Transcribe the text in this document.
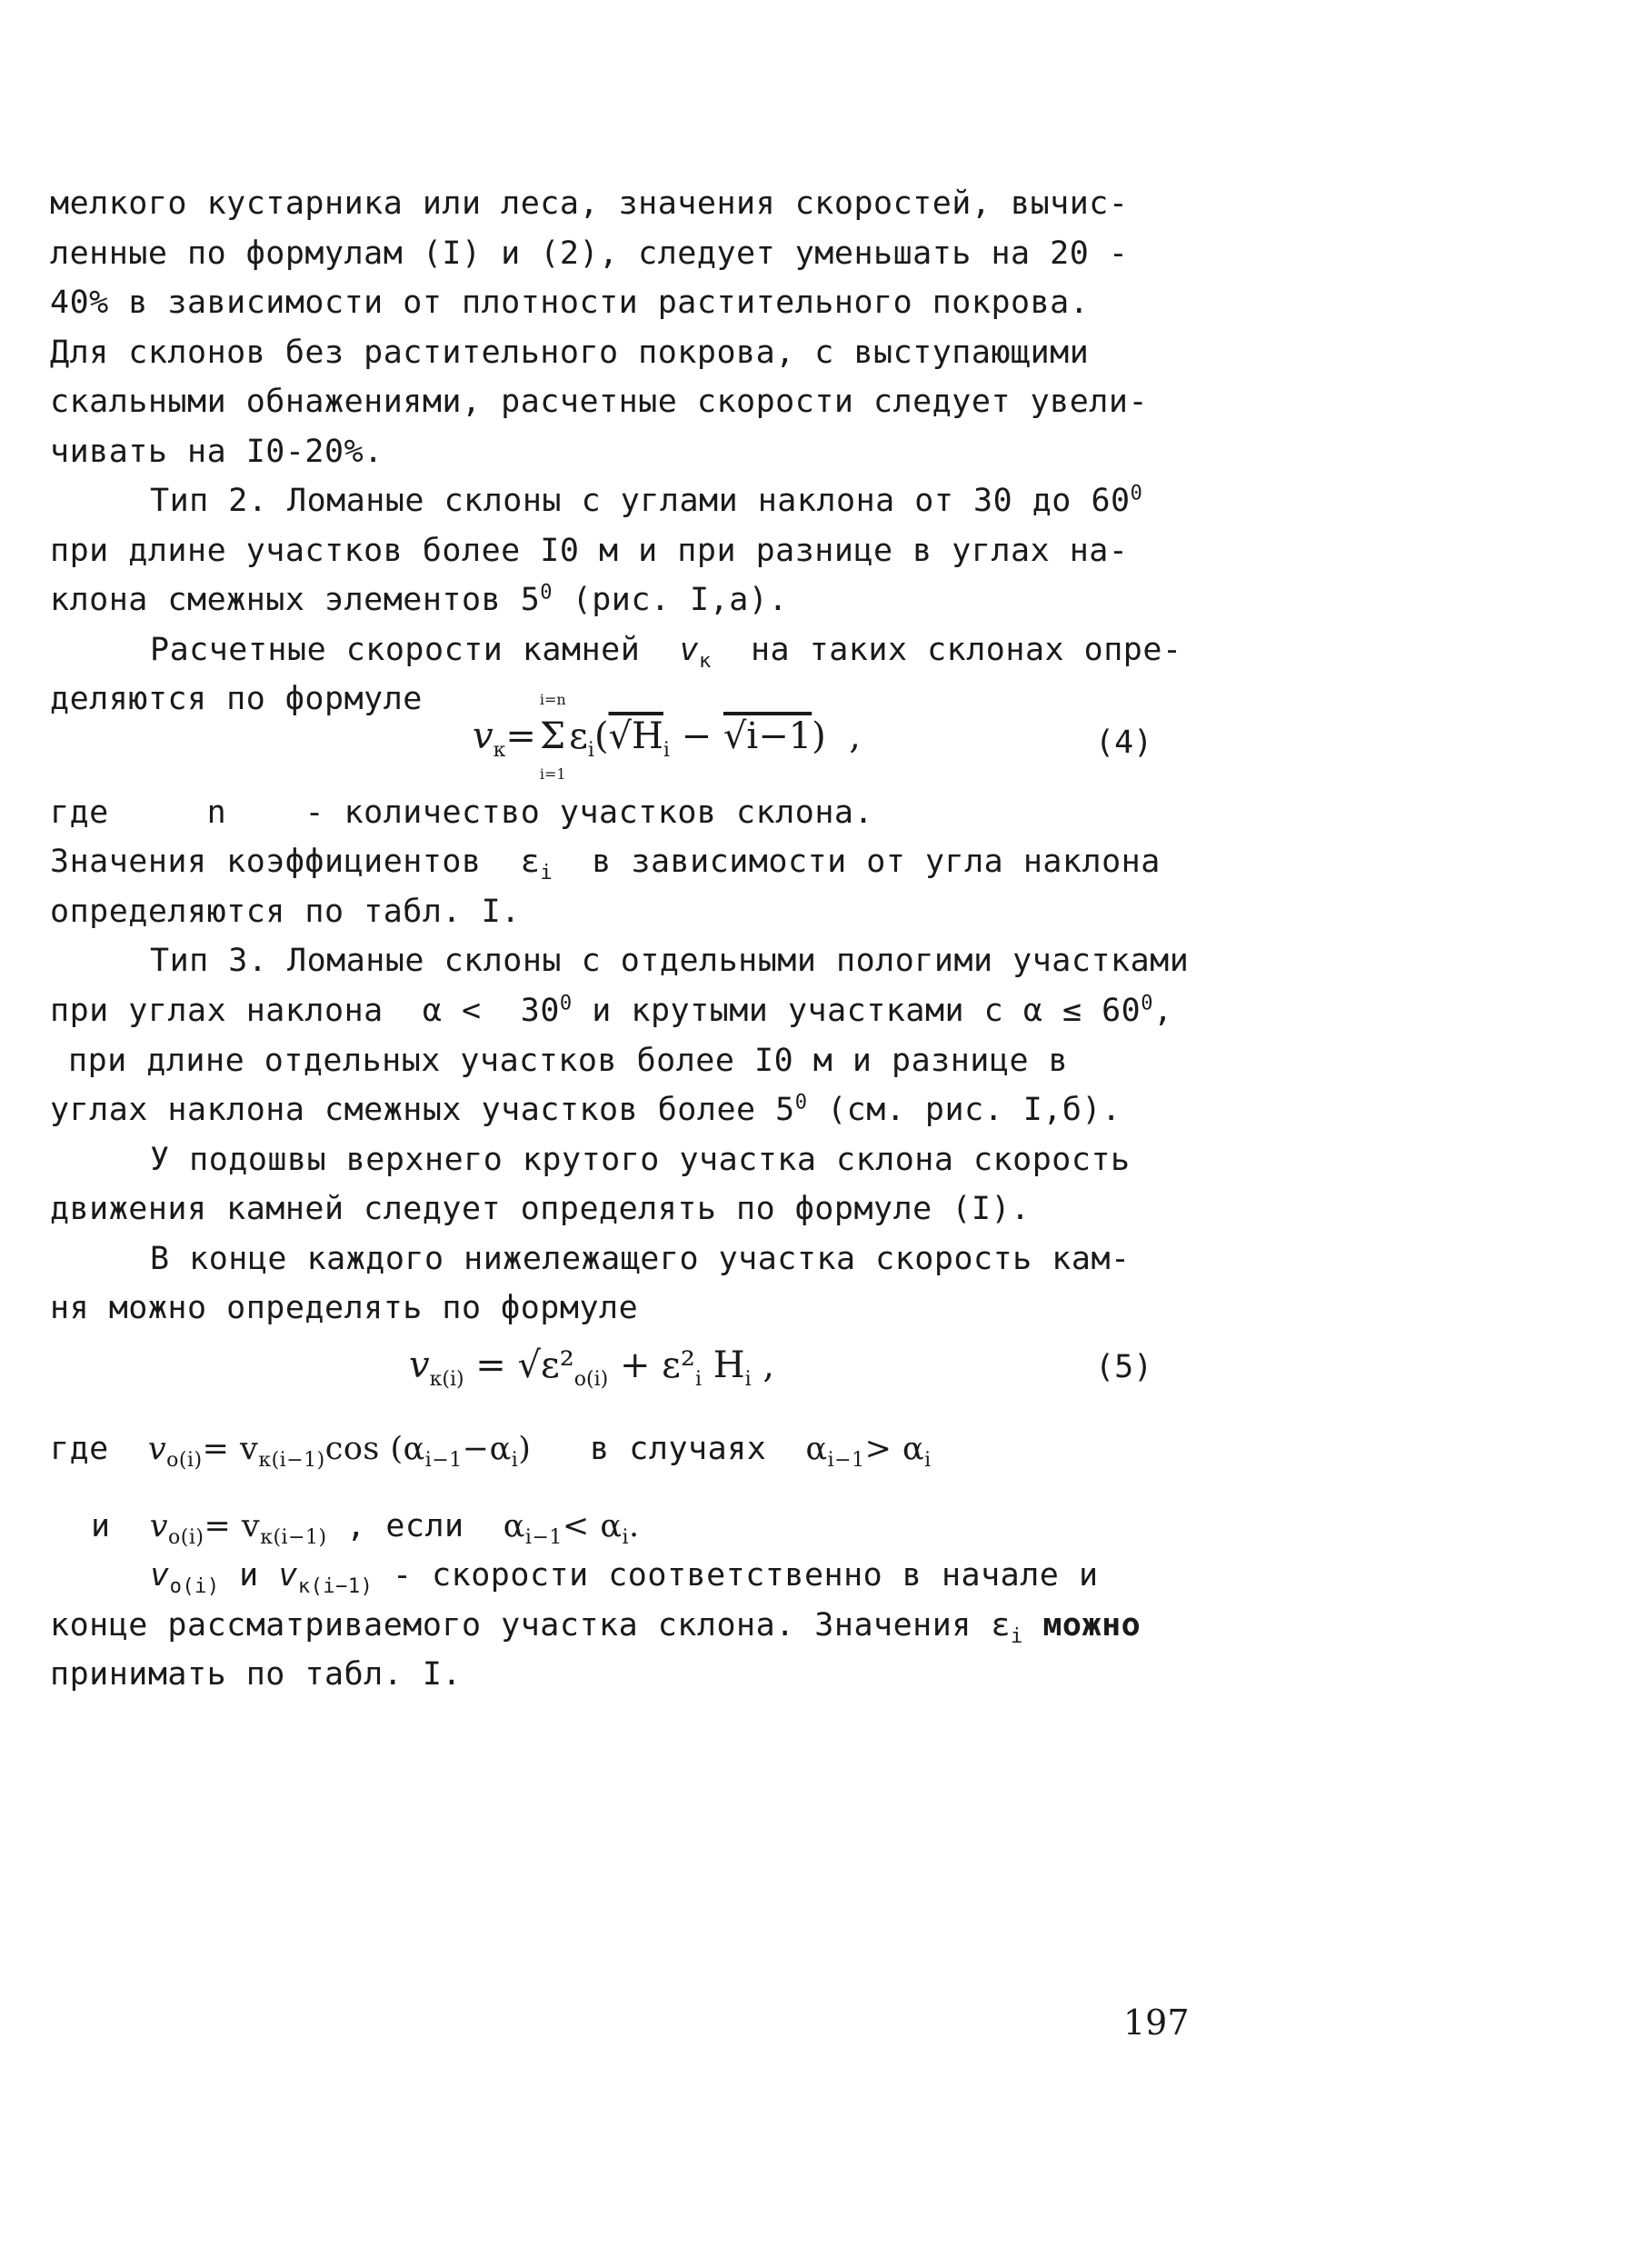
мелкого кустарника или леса, значения скоростей, вычис-
ленные по формулам (I) и (2), следует уменьшать на 20 -
40% в зависимости от плотности растительного покрова.
Для склонов без растительного покрова, с выступающими
скальными обнажениями, расчетные скорости следует увели-
чивать на I0-20%.
Тип 2. Ломаные склоны с углами наклона от 30 до $60^0$
при длине участков более I0 м и при разнице в углах на-
клона смежных элементов $5^0$ (рис. I,а).
Расчетные скорости камней $v_к$ на таких склонах опре-
деляются по формуле
$v_к=$
i=n
Σ
i=1
$\varepsilon_i(√H_i - √i-1)$  ,	(4)
где	n - количество участков склона.
Значения коэффициентов $\varepsilon_i$ в зависимости от угла наклона
определяются по табл. I.
Тип 3. Ломаные склоны с отдельными пологими участками
при углах наклона $\alpha < 30^0$ и крутыми участками с $\alpha \le 60^0$,
при длине отдельных участков более I0 м и разнице в
углах наклона смежных участков более $5^0$ (см. рис. I,б).
У подошвы верхнего крутого участка склона скорость
движения камней следует определять по формуле (I).
В конце каждого нижележащего участка скорость кам-
ня можно определять по формуле
$v_{к(i)} = √\varepsilon^2_{o(i)} + \varepsilon^2_i$ $H_i$ ,	(5)
где $v_{o(i)}= v_{к(i-1)}\cos$ $(\alpha_{i-1}-\alpha_i)$ в случаях $\alpha_{i-1}> \alpha_i$
и $v_{o(i)}= v_{к(i-1)}$ , если $\alpha_{i-1}< \alpha_i$.
$v_{o(i)}$ и $v_{к(i-1)}$ - скорости соответственно в начале и
конце рассматриваемого участка склона. Значения $\varepsilon_i$ можно
принимать по табл. I.
197
